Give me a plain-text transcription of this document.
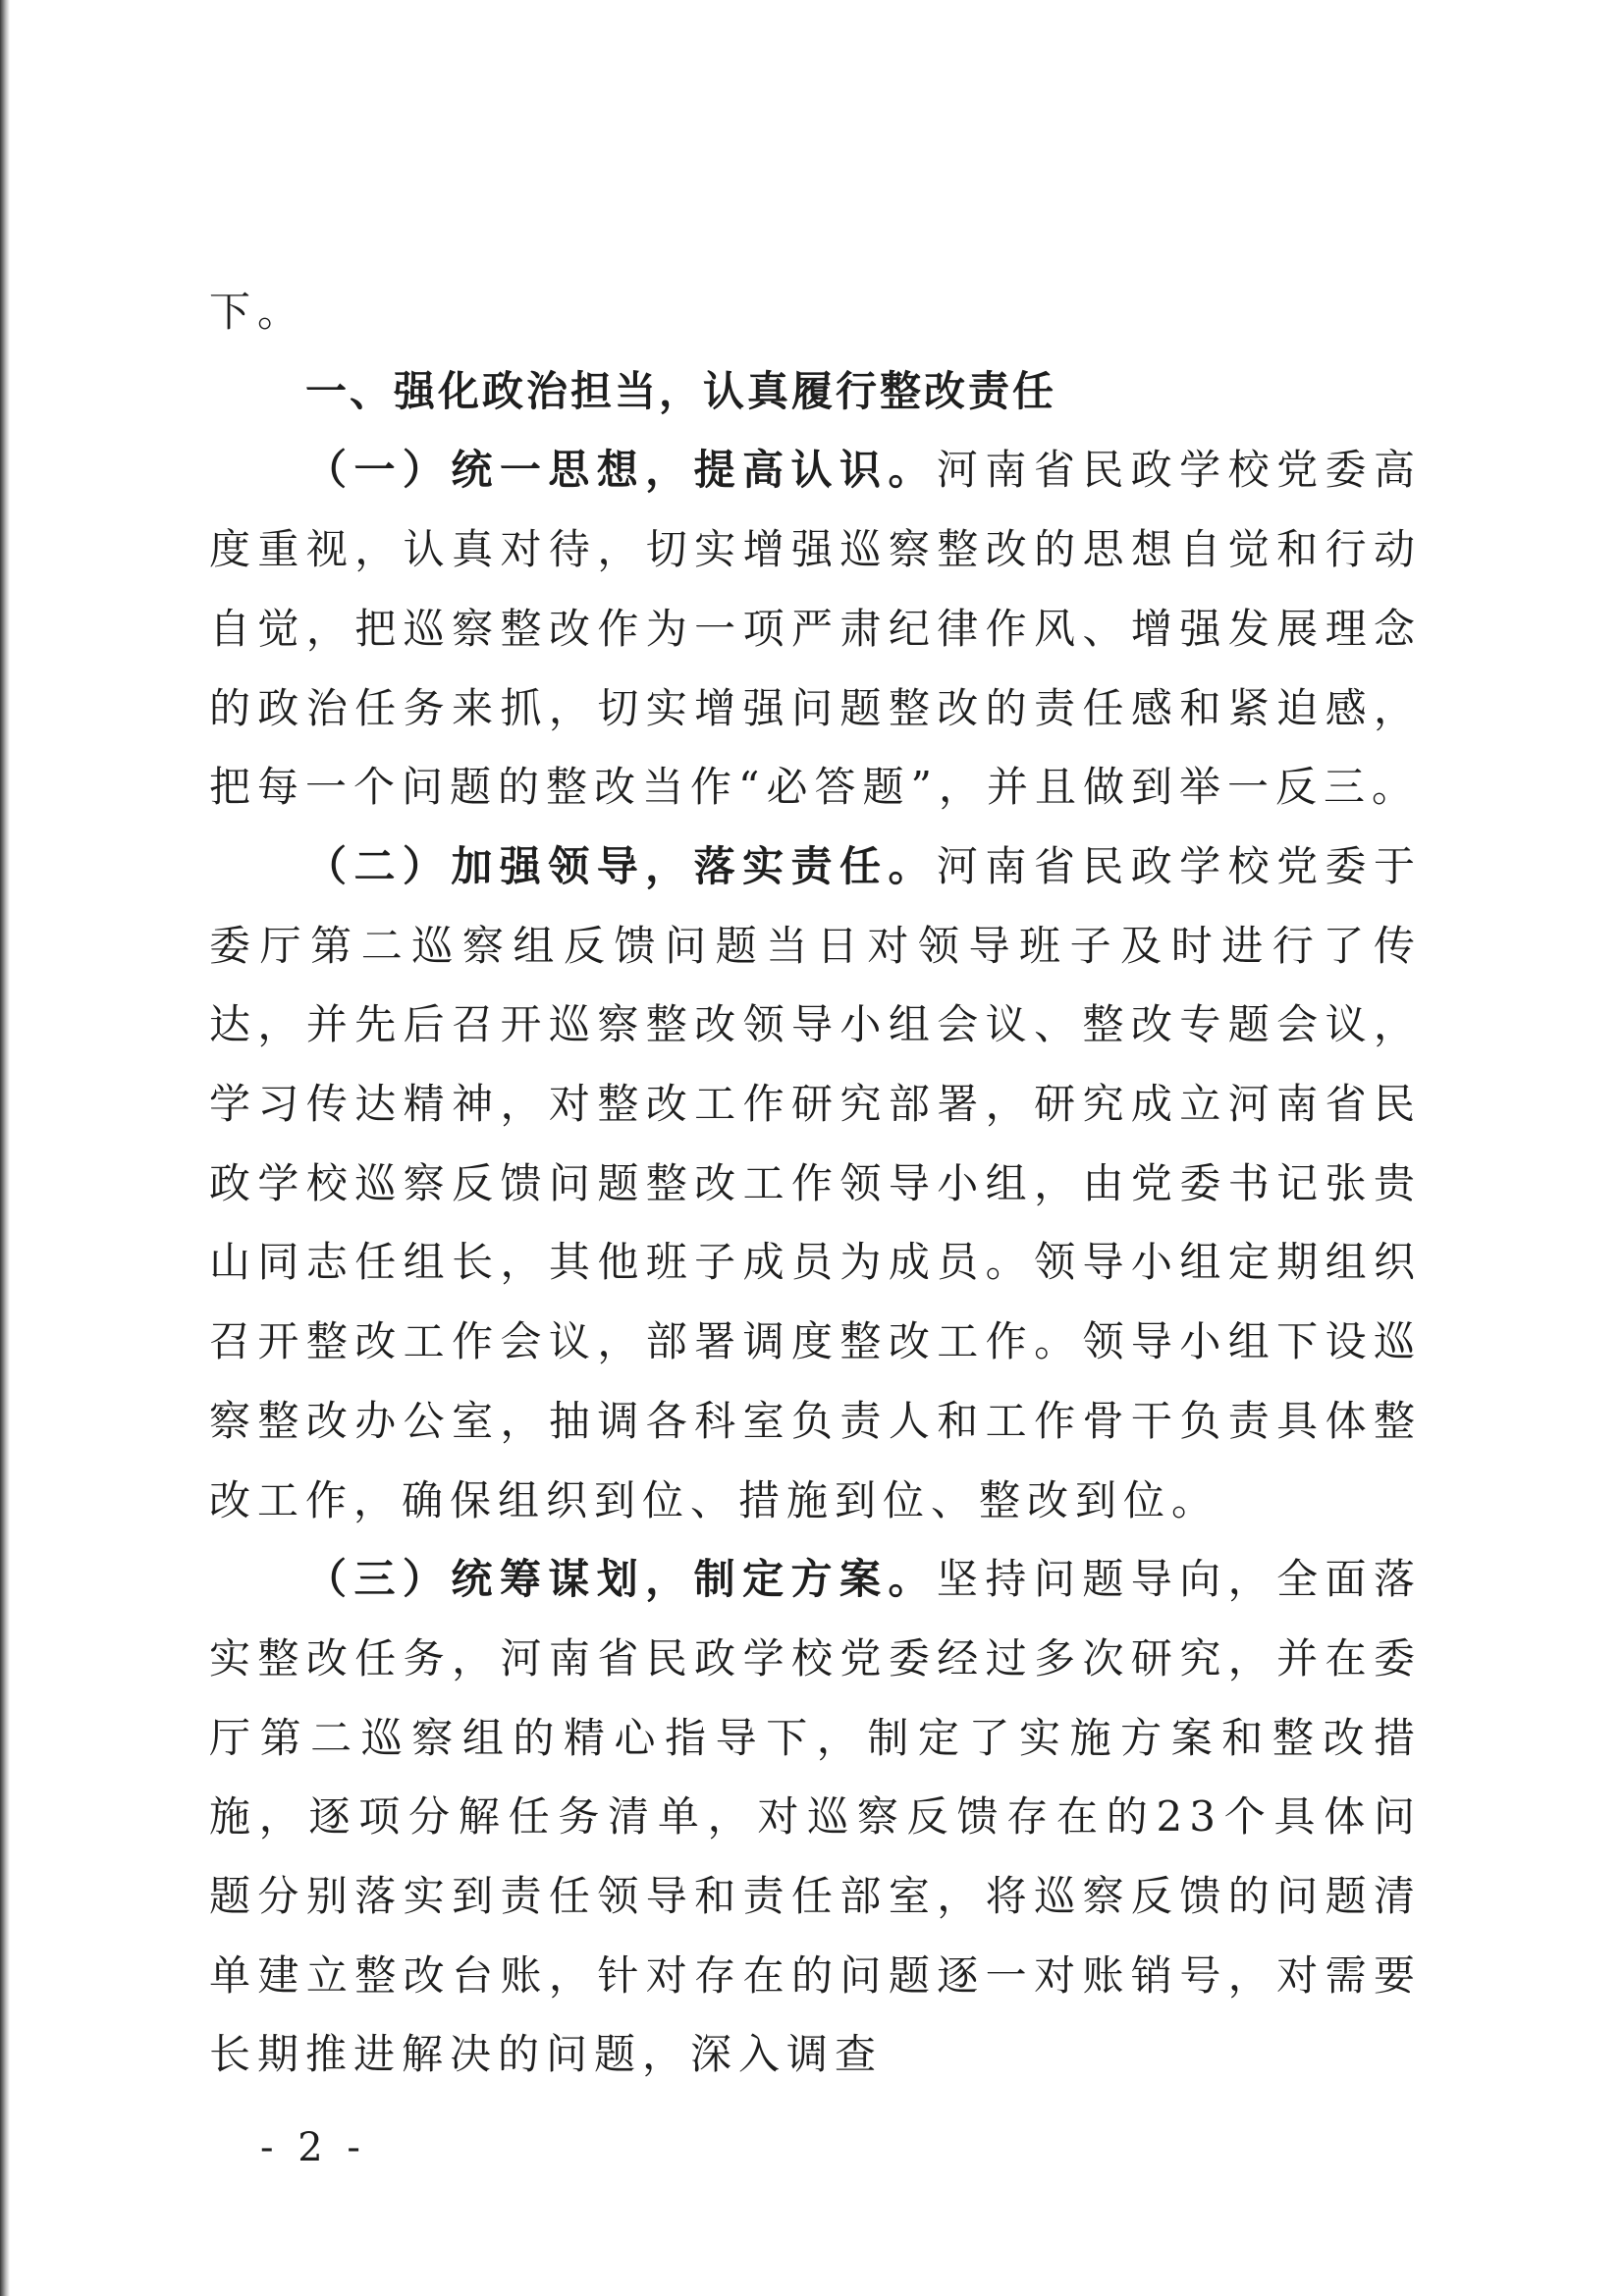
下。

一、强化政治担当，认真履行整改责任

（一）统一思想，提高认识。河南省民政学校党委高度重视，认真对待，切实增强巡察整改的思想自觉和行动自觉，把巡察整改作为一项严肃纪律作风、增强发展理念的政治任务来抓，切实增强问题整改的责任感和紧迫感，把每一个问题的整改当作“必答题”，并且做到举一反三。

（二）加强领导，落实责任。河南省民政学校党委于委厅第二巡察组反馈问题当日对领导班子及时进行了传达，并先后召开巡察整改领导小组会议、整改专题会议，学习传达精神，对整改工作研究部署，研究成立河南省民政学校巡察反馈问题整改工作领导小组，由党委书记张贵山同志任组长，其他班子成员为成员。领导小组定期组织召开整改工作会议，部署调度整改工作。领导小组下设巡察整改办公室，抽调各科室负责人和工作骨干负责具体整改工作，确保组织到位、措施到位、整改到位。

（三）统筹谋划，制定方案。坚持问题导向，全面落实整改任务，河南省民政学校党委经过多次研究，并在委厅第二巡察组的精心指导下，制定了实施方案和整改措施，逐项分解任务清单，对巡察反馈存在的23个具体问题分别落实到责任领导和责任部室，将巡察反馈的问题清单建立整改台账，针对存在的问题逐一对账销号，对需要长期推进解决的问题，深入调查

- 2 -
